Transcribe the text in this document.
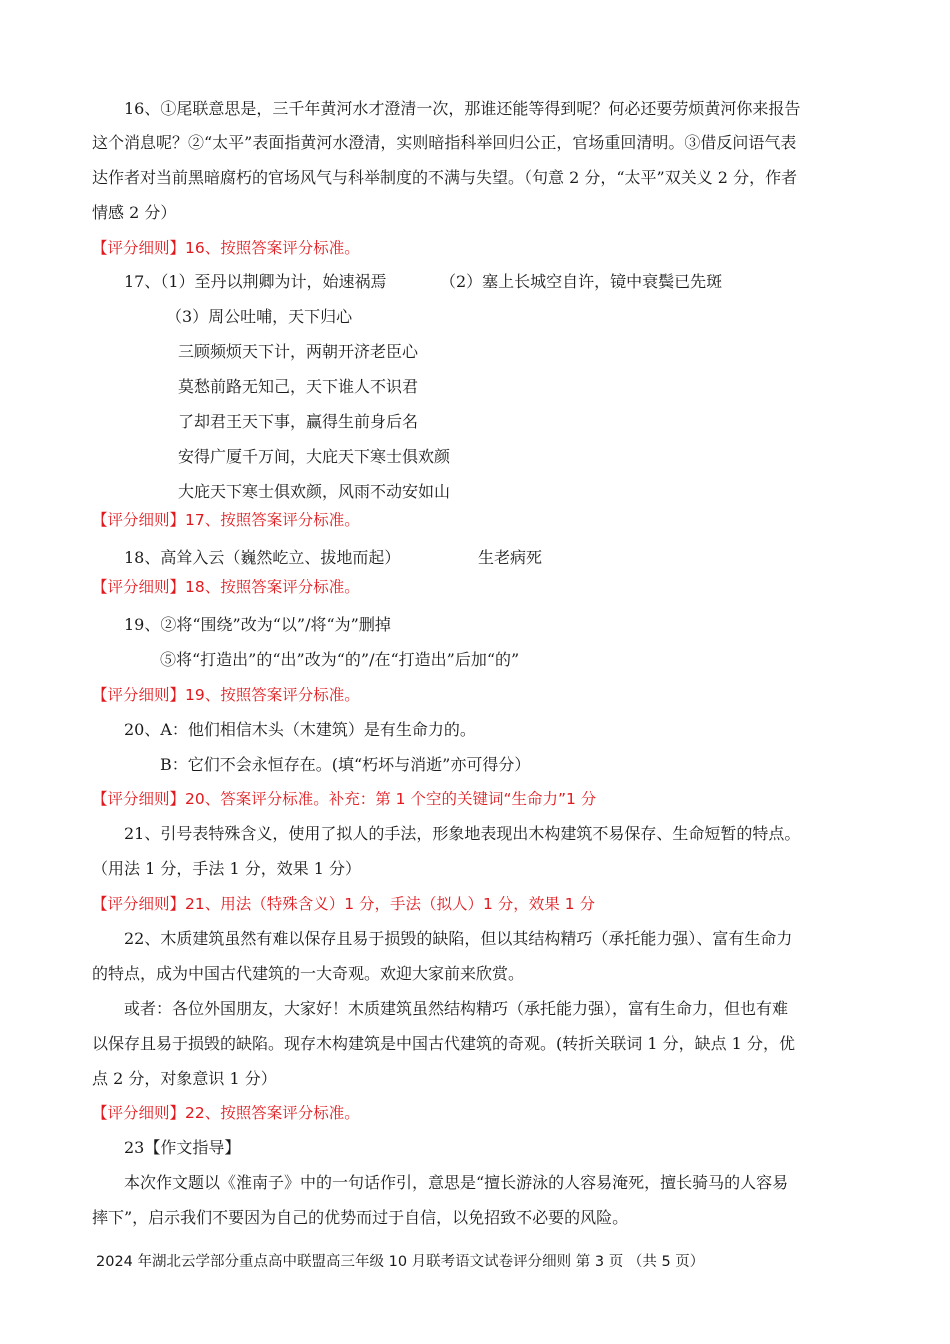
16、①尾联意思是，三千年黄河水才澄清一次，那谁还能等得到呢？何必还要劳烦黄河你来报告
这个消息呢？②“太平”表面指黄河水澄清，实则暗指科举回归公正，官场重回清明。③借反问语气表
达作者对当前黑暗腐朽的官场风气与科举制度的不满与失望。（句意 2 分，“太平”双关义 2 分，作者
情感 2 分）
【评分细则】16、按照答案评分标准。
17、（1）至丹以荆卿为计，始速祸焉	（2）塞上长城空自许，镜中衰鬓已先斑
（3）周公吐哺，天下归心
三顾频烦天下计，两朝开济老臣心
莫愁前路无知己，天下谁人不识君
了却君王天下事，赢得生前身后名
安得广厦千万间，大庇天下寒士俱欢颜
大庇天下寒士俱欢颜，风雨不动安如山
【评分细则】17、按照答案评分标准。
18、高耸入云（巍然屹立、拔地而起）	生老病死
【评分细则】18、按照答案评分标准。
19、②将“围绕”改为“以”/将“为”删掉
⑤将“打造出”的“出”改为“的”/在“打造出”后加“的”
【评分细则】19、按照答案评分标准。
20、A：他们相信木头（木建筑）是有生命力的。
B：它们不会永恒存在。(填“朽坏与消逝”亦可得分）
【评分细则】20、答案评分标准。补充：第 1 个空的关键词“生命力”1 分
21、引号表特殊含义，使用了拟人的手法，形象地表现出木构建筑不易保存、生命短暂的特点。
（用法 1 分，手法 1 分，效果 1 分）
【评分细则】21、用法（特殊含义）1 分，手法（拟人）1 分，效果 1 分
22、木质建筑虽然有难以保存且易于损毁的缺陷，但以其结构精巧（承托能力强）、富有生命力
的特点，成为中国古代建筑的一大奇观。欢迎大家前来欣赏。
或者：各位外国朋友，大家好！木质建筑虽然结构精巧（承托能力强），富有生命力，但也有难
以保存且易于损毁的缺陷。现存木构建筑是中国古代建筑的奇观。(转折关联词 1 分，缺点 1 分，优
点 2 分，对象意识 1 分）
【评分细则】22、按照答案评分标准。
23【作文指导】
本次作文题以《淮南子》中的一句话作引，意思是“擅长游泳的人容易淹死，擅长骑马的人容易
摔下”，启示我们不要因为自己的优势而过于自信，以免招致不必要的风险。
2024 年湖北云学部分重点高中联盟高三年级 10 月联考语文试卷评分细则 第 3 页 （共 5 页）
